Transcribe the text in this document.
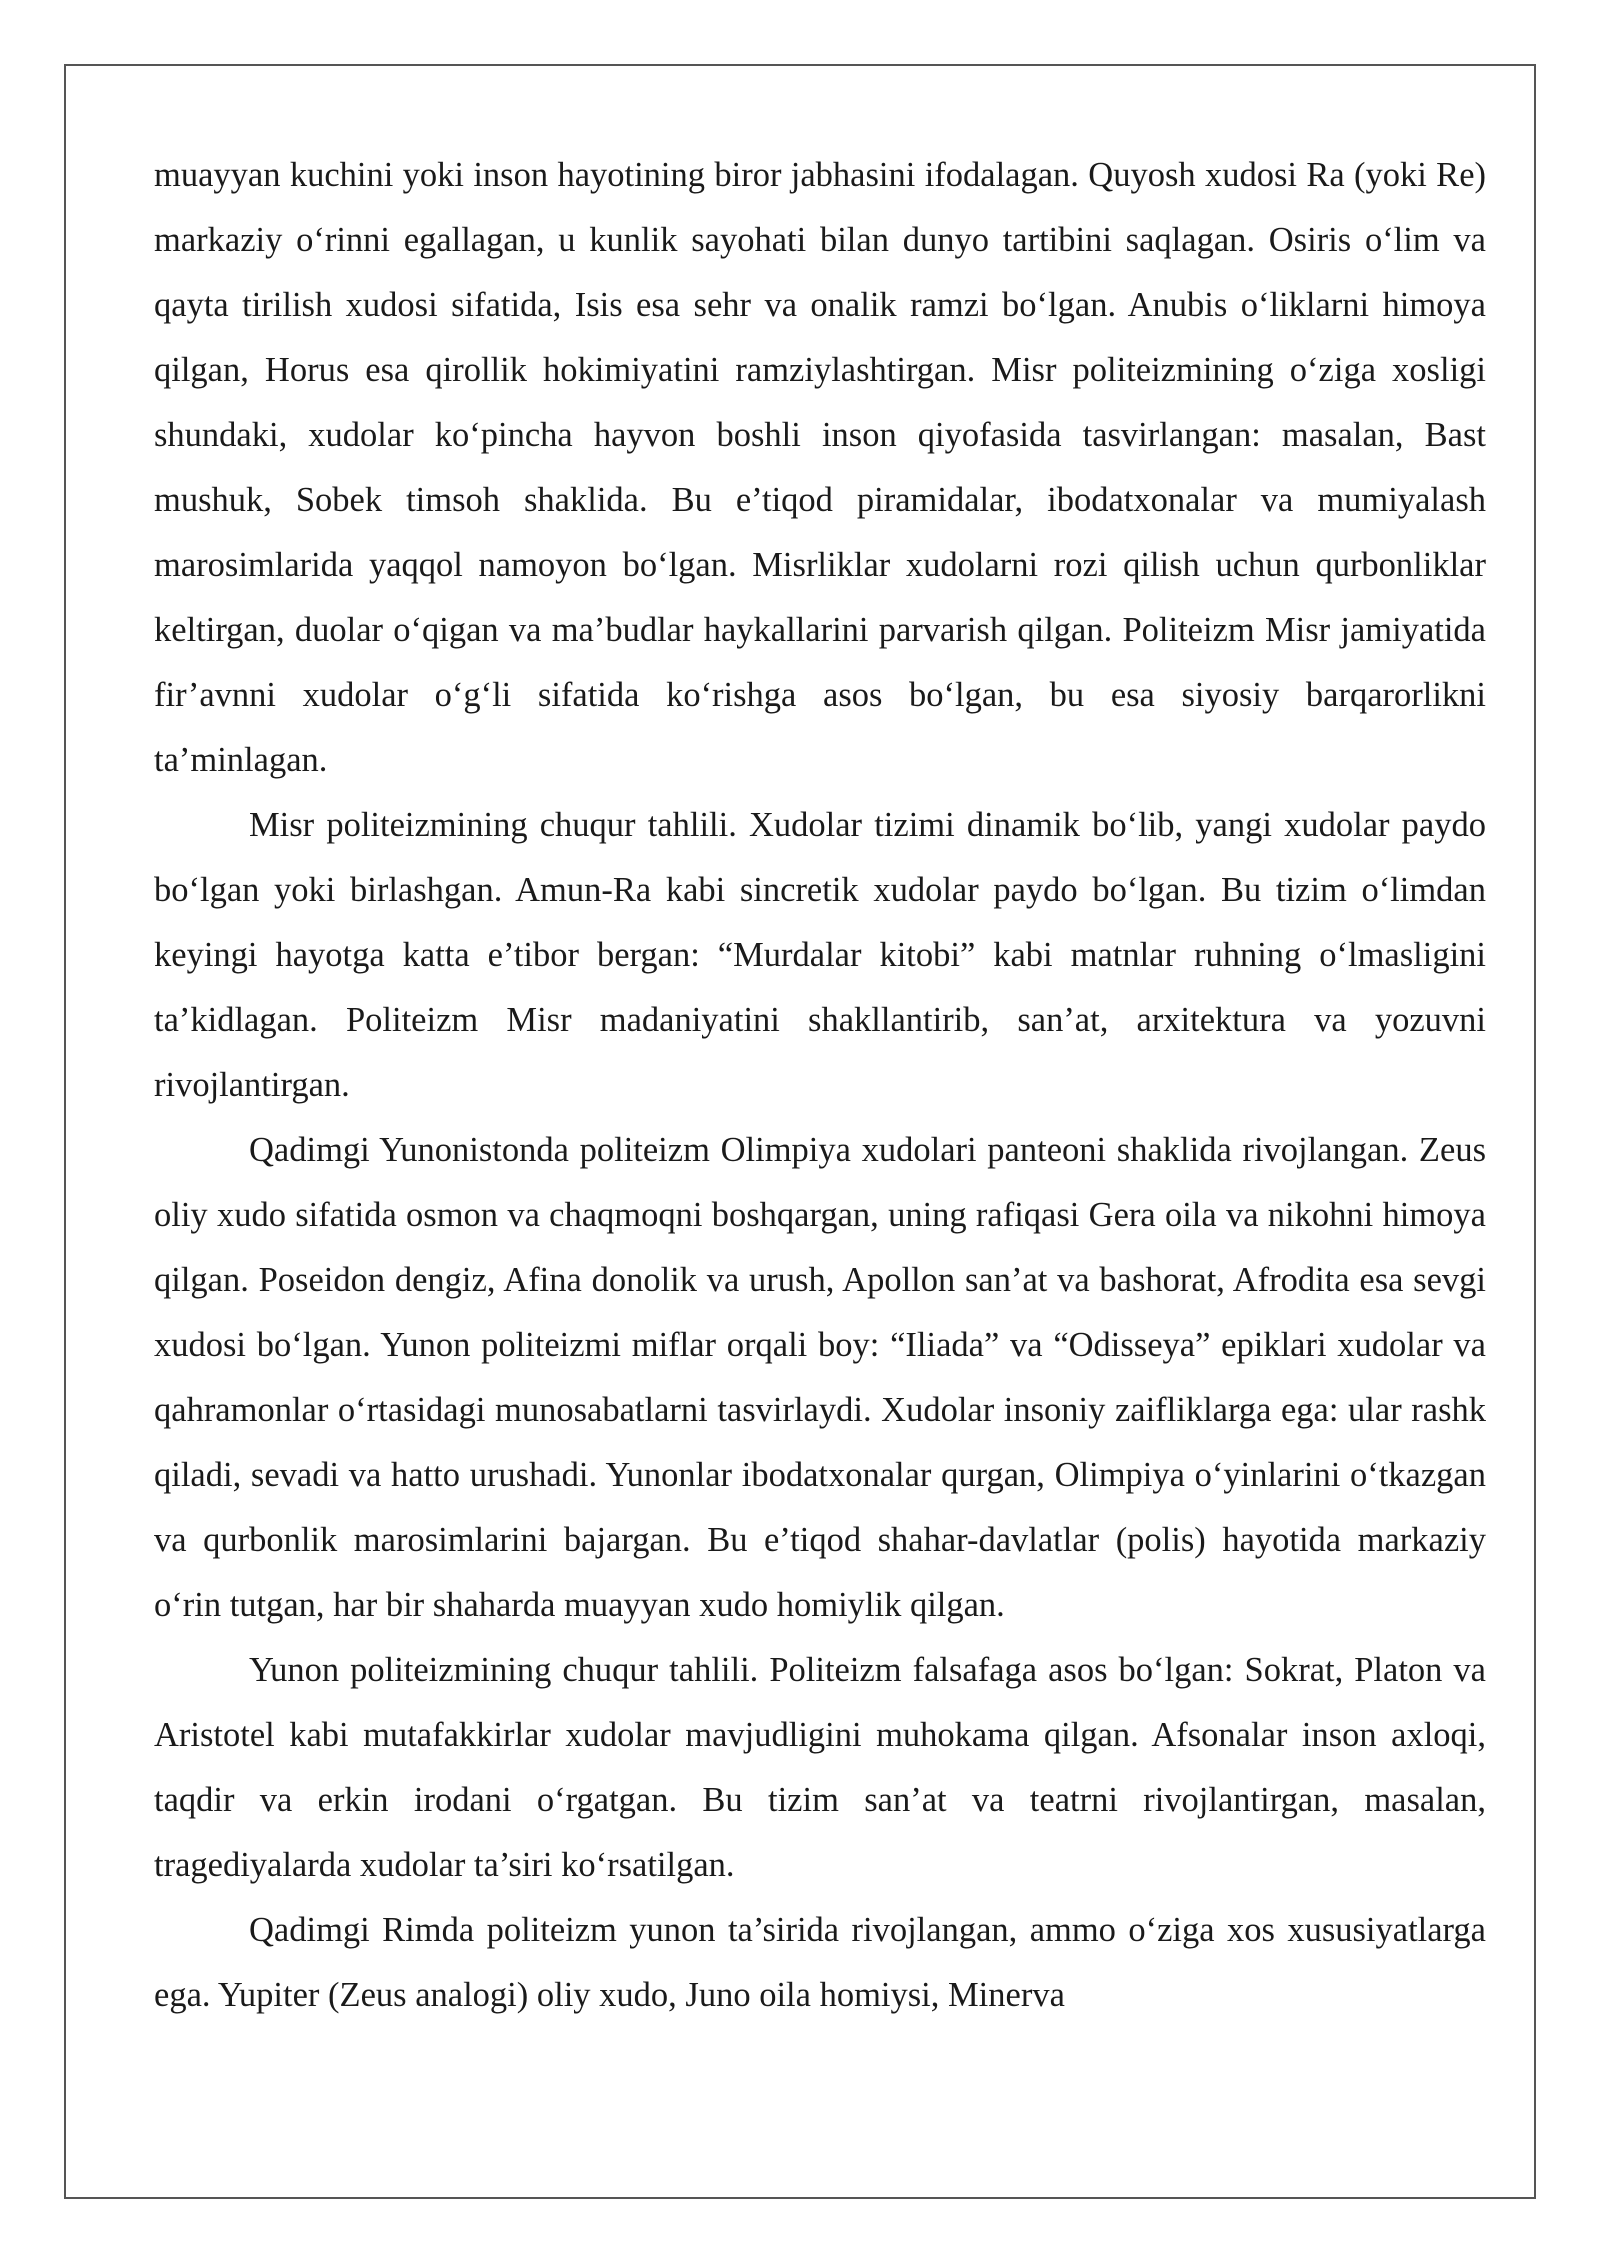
muayyan kuchini yoki inson hayotining biror jabhasini ifodalagan. Quyosh xudosi Ra (yoki Re) markaziy o‘rinni egallagan, u kunlik sayohati bilan dunyo tartibini saqlagan. Osiris o‘lim va qayta tirilish xudosi sifatida, Isis esa sehr va onalik ramzi bo‘lgan. Anubis o‘liklarni himoya qilgan, Horus esa qirollik hokimiyatini ramziylashtirgan. Misr politeizmining o‘ziga xosligi shundaki, xudolar ko‘pincha hayvon boshli inson qiyofasida tasvirlangan: masalan, Bast mushuk, Sobek timsoh shaklida. Bu e’tiqod piramidalar, ibodatxonalar va mumiyalash marosimlarida yaqqol namoyon bo‘lgan. Misrliklar xudolarni rozi qilish uchun qurbonliklar keltirgan, duolar o‘qigan va ma’budlar haykallarini parvarish qilgan. Politeizm Misr jamiyatida fir’avnni xudolar o‘g‘li sifatida ko‘rishga asos bo‘lgan, bu esa siyosiy barqarorlikni ta’minlagan.

Misr politeizmining chuqur tahlili. Xudolar tizimi dinamik bo‘lib, yangi xudolar paydo bo‘lgan yoki birlashgan. Amun-Ra kabi sincretik xudolar paydo bo‘lgan. Bu tizim o‘limdan keyingi hayotga katta e’tibor bergan: “Murdalar kitobi” kabi matnlar ruhning o‘lmasligini ta’kidlagan. Politeizm Misr madaniyatini shakllantirib, san’at, arxitektura va yozuvni rivojlantirgan.

Qadimgi Yunonistonda politeizm Olimpiya xudolari panteoni shaklida rivojlangan. Zeus oliy xudo sifatida osmon va chaqmoqni boshqargan, uning rafiqasi Gera oila va nikohni himoya qilgan. Poseidon dengiz, Afina donolik va urush, Apollon san’at va bashorat, Afrodita esa sevgi xudosi bo‘lgan. Yunon politeizmi miflar orqali boy: “Iliada” va “Odisseya” epiklari xudolar va qahramonlar o‘rtasidagi munosabatlarni tasvirlaydi. Xudolar insoniy zaifliklarga ega: ular rashk qiladi, sevadi va hatto urushadi. Yunonlar ibodatxonalar qurgan, Olimpiya o‘yinlarini o‘tkazgan va qurbonlik marosimlarini bajargan. Bu e’tiqod shahar-davlatlar (polis) hayotida markaziy o‘rin tutgan, har bir shaharda muayyan xudo homiylik qilgan.

Yunon politeizmining chuqur tahlili. Politeizm falsafaga asos bo‘lgan: Sokrat, Platon va Aristotel kabi mutafakkirlar xudolar mavjudligini muhokama qilgan. Afsonalar inson axloqi, taqdir va erkin irodani o‘rgatgan. Bu tizim san’at va teatrni rivojlantirgan, masalan, tragediyalarda xudolar ta’siri ko‘rsatilgan.

Qadimgi Rimda politeizm yunon ta’sirida rivojlangan, ammo o‘ziga xos xususiyatlarga ega. Yupiter (Zeus analogi) oliy xudo, Juno oila homiysi, Minerva
